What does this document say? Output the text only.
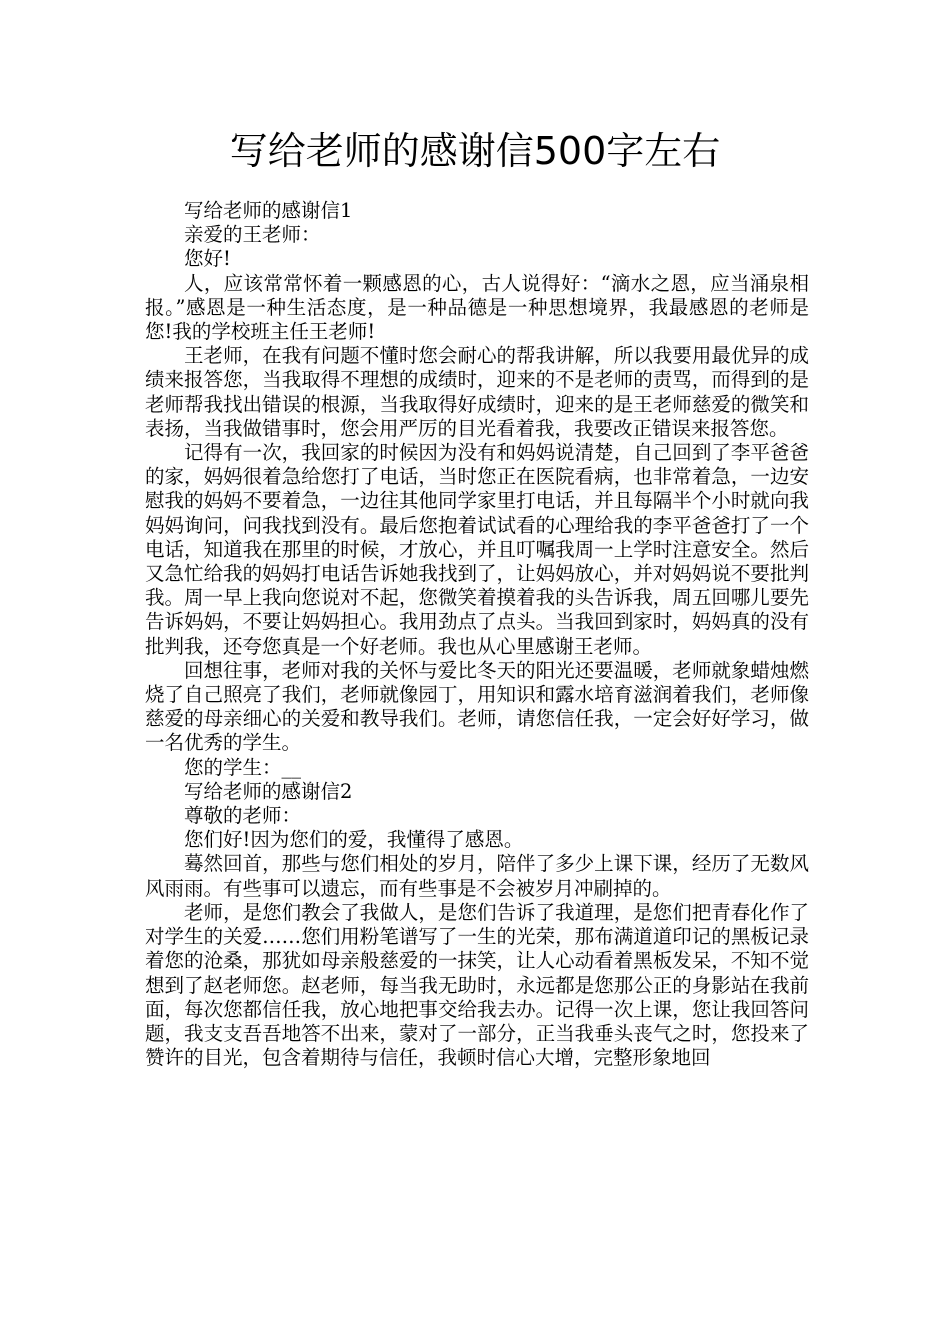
写给老师的感谢信500字左右

写给老师的感谢信1

亲爱的王老师：

您好!

人，应该常常怀着一颗感恩的心，古人说得好：“滴水之恩，应当涌泉相报。”感恩是一种生活态度，是一种品德是一种思想境界，我最感恩的老师是您!我的学校班主任王老师!

王老师，在我有问题不懂时您会耐心的帮我讲解，所以我要用最优异的成绩来报答您，当我取得不理想的成绩时，迎来的不是老师的责骂，而得到的是老师帮我找出错误的根源，当我取得好成绩时，迎来的是王老师慈爱的微笑和表扬，当我做错事时，您会用严厉的目光看着我，我要改正错误来报答您。

记得有一次，我回家的时候因为没有和妈妈说清楚，自己回到了李平爸爸的家，妈妈很着急给您打了电话，当时您正在医院看病，也非常着急，一边安慰我的妈妈不要着急，一边往其他同学家里打电话，并且每隔半个小时就向我妈妈询问，问我找到没有。最后您抱着试试看的心理给我的李平爸爸打了一个电话，知道我在那里的时候，才放心，并且叮嘱我周一上学时注意安全。然后又急忙给我的妈妈打电话告诉她我找到了，让妈妈放心，并对妈妈说不要批判我。周一早上我向您说对不起，您微笑着摸着我的头告诉我，周五回哪儿要先告诉妈妈，不要让妈妈担心。我用劲点了点头。当我回到家时，妈妈真的没有批判我，还夸您真是一个好老师。我也从心里感谢王老师。

回想往事，老师对我的关怀与爱比冬天的阳光还要温暖，老师就象蜡烛燃烧了自己照亮了我们，老师就像园丁，用知识和露水培育滋润着我们，老师像慈爱的母亲细心的关爱和教导我们。老师，请您信任我，一定会好好学习，做一名优秀的学生。

您的学生：__

写给老师的感谢信2

尊敬的老师：

您们好!因为您们的爱，我懂得了感恩。

蓦然回首，那些与您们相处的岁月，陪伴了多少上课下课，经历了无数风风雨雨。有些事可以遗忘，而有些事是不会被岁月冲刷掉的。

老师，是您们教会了我做人，是您们告诉了我道理，是您们把青春化作了对学生的关爱……您们用粉笔谱写了一生的光荣，那布满道道印记的黑板记录着您的沧桑，那犹如母亲般慈爱的一抹笑，让人心动看着黑板发呆，不知不觉想到了赵老师您。赵老师，每当我无助时，永远都是您那公正的身影站在我前面，每次您都信任我，放心地把事交给我去办。记得一次上课，您让我回答问题，我支支吾吾地答不出来，蒙对了一部分，正当我垂头丧气之时，您投来了赞许的目光，包含着期待与信任，我顿时信心大增，完整形象地回
